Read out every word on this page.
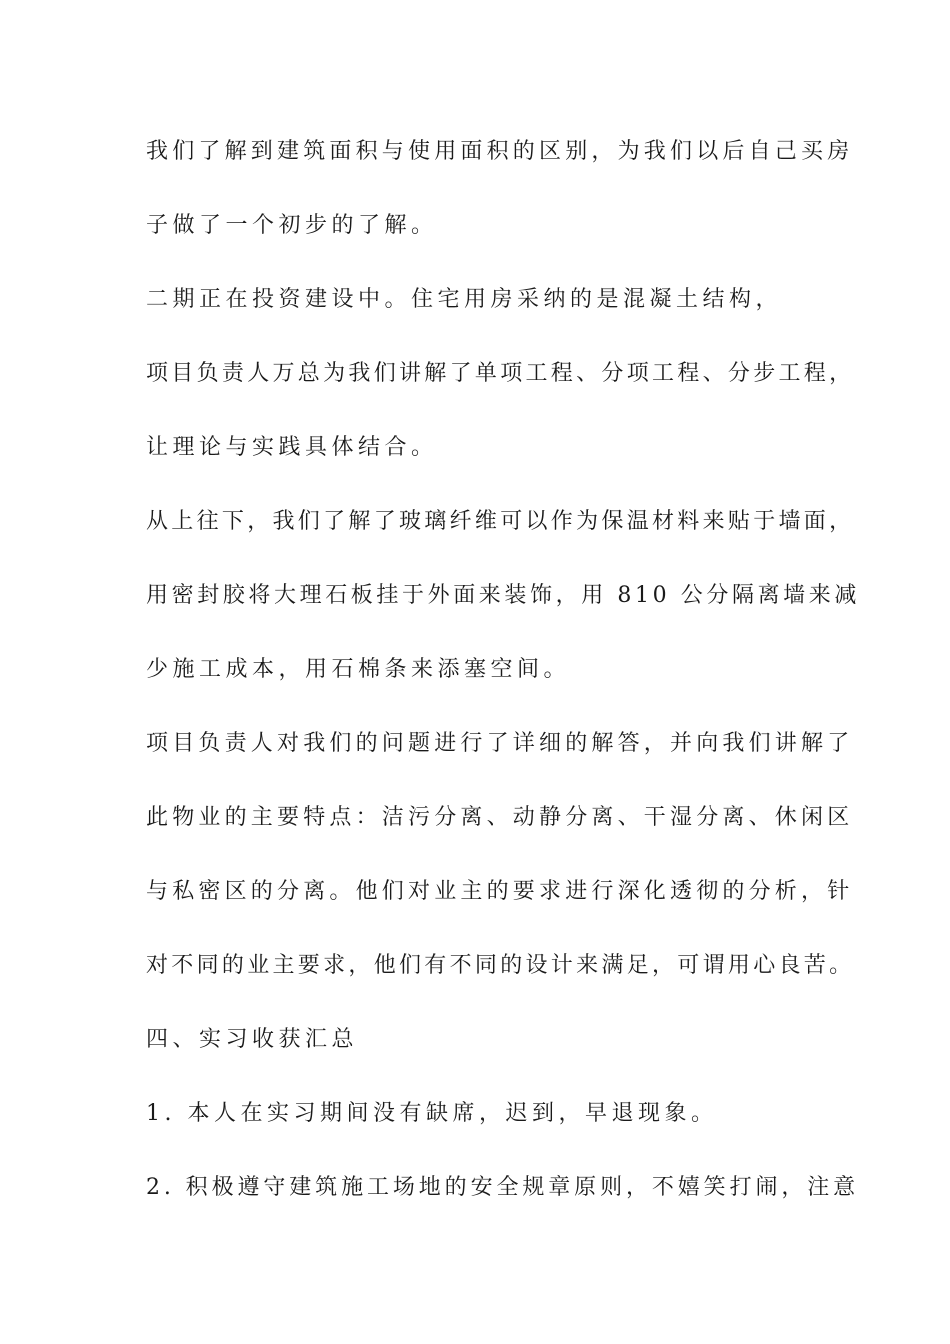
我们了解到建筑面积与使用面积的区别，为我们以后自己买房

子做了一个初步的了解。

二期正在投资建设中。住宅用房采纳的是混凝土结构，

项目负责人万总为我们讲解了单项工程、分项工程、分步工程，

让理论与实践具体结合。

从上往下，我们了解了玻璃纤维可以作为保温材料来贴于墙面，

用密封胶将大理石板挂于外面来装饰，用 810 公分隔离墙来减

少施工成本，用石棉条来添塞空间。

项目负责人对我们的问题进行了详细的解答，并向我们讲解了

此物业的主要特点：洁污分离、动静分离、干湿分离、休闲区

与私密区的分离。他们对业主的要求进行深化透彻的分析，针

对不同的业主要求，他们有不同的设计来满足，可谓用心良苦。

四、实习收获汇总

1. 本人在实习期间没有缺席，迟到，早退现象。

2. 积极遵守建筑施工场地的安全规章原则，不嬉笑打闹，注意
